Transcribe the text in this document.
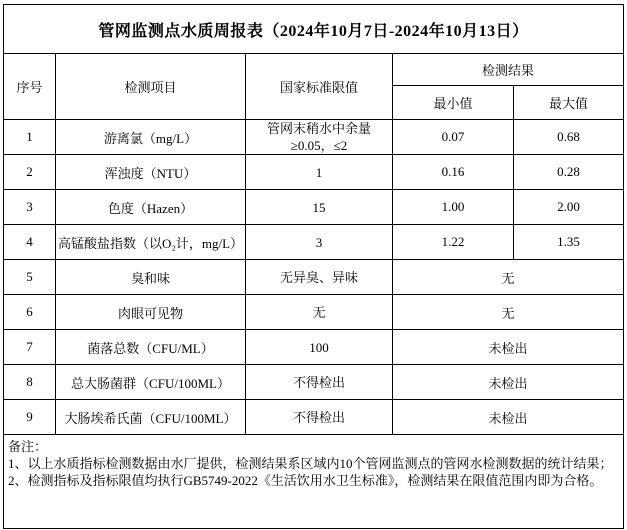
管网监测点水质周报表（2024年10月7日-2024年10月13日）				
序号	检测项目	国家标准限值	检测结果	
			最小值	最大值
1	游离氯（mg/L）	管网末稍水中余量≥0.05，≤2	0.07	0.68
2	浑浊度（NTU）	1	0.16	0.28
3	色度（Hazen）	15	1.00	2.00
4	高锰酸盐指数（以O₂计，mg/L）	3	1.22	1.35
5	臭和味	无异臭、异味	无	
6	肉眼可见物	无	无	
7	菌落总数（CFU/ML）	100	未检出	
8	总大肠菌群（CFU/100ML）	不得检出	未检出	
9	大肠埃希氏菌（CFU/100ML）	不得检出	未检出	

备注：
1、以上水质指标检测数据由水厂提供，检测结果系区域内10个管网监测点的管网水检测数据的统计结果；
2、检测指标及指标限值均执行GB5749-2022《生活饮用水卫生标准》，检测结果在限值范围内即为合格。				
